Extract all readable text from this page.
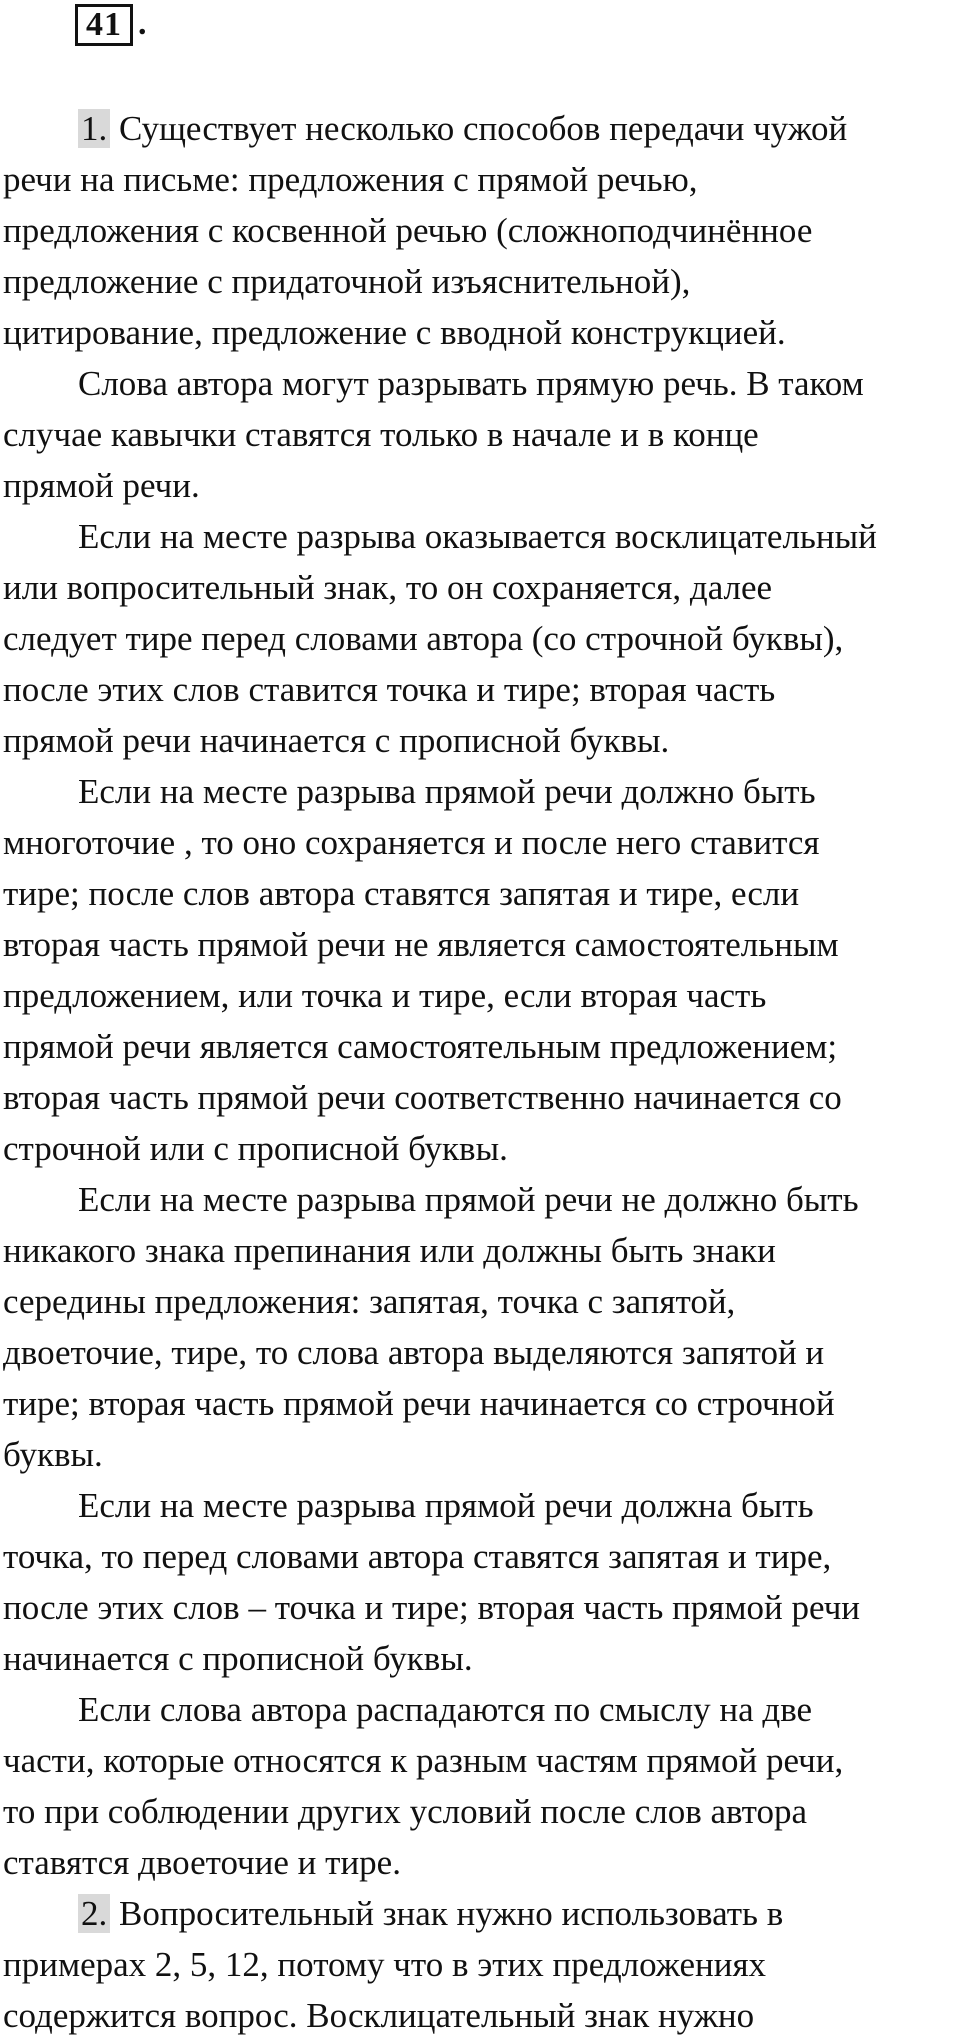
41 .
1. Существует несколько способов передачи чужой
речи на письме: предложения с прямой речью,
предложения с косвенной речью (сложноподчинённое
предложение с придаточной изъяснительной),
цитирование, предложение с вводной конструкцией.
Слова автора могут разрывать прямую речь. В таком
случае кавычки ставятся только в начале и в конце
прямой речи.
Если на месте разрыва оказывается восклицательный
или вопросительный знак, то он сохраняется, далее
следует тире перед словами автора (со строчной буквы),
после этих слов ставится точка и тире; вторая часть
прямой речи начинается с прописной буквы.
Если на месте разрыва прямой речи должно быть
многоточие , то оно сохраняется и после него ставится
тире; после слов автора ставятся запятая и тире, если
вторая часть прямой речи не является самостоятельным
предложением, или точка и тире, если вторая часть
прямой речи является самостоятельным предложением;
вторая часть прямой речи соответственно начинается со
строчной или с прописной буквы.
Если на месте разрыва прямой речи не должно быть
никакого знака препинания или должны быть знаки
середины предложения: запятая, точка с запятой,
двоеточие, тире, то слова автора выделяются запятой и
тире; вторая часть прямой речи начинается со строчной
буквы.
Если на месте разрыва прямой речи должна быть
точка, то перед словами автора ставятся запятая и тире,
после этих слов – точка и тире; вторая часть прямой речи
начинается с прописной буквы.
Если слова автора распадаются по смыслу на две
части, которые относятся к разным частям прямой речи,
то при соблюдении других условий после слов автора
ставятся двоеточие и тире.
2. Вопросительный знак нужно использовать в
примерах 2, 5, 12, потому что в этих предложениях
содержится вопрос. Восклицательный знак нужно
